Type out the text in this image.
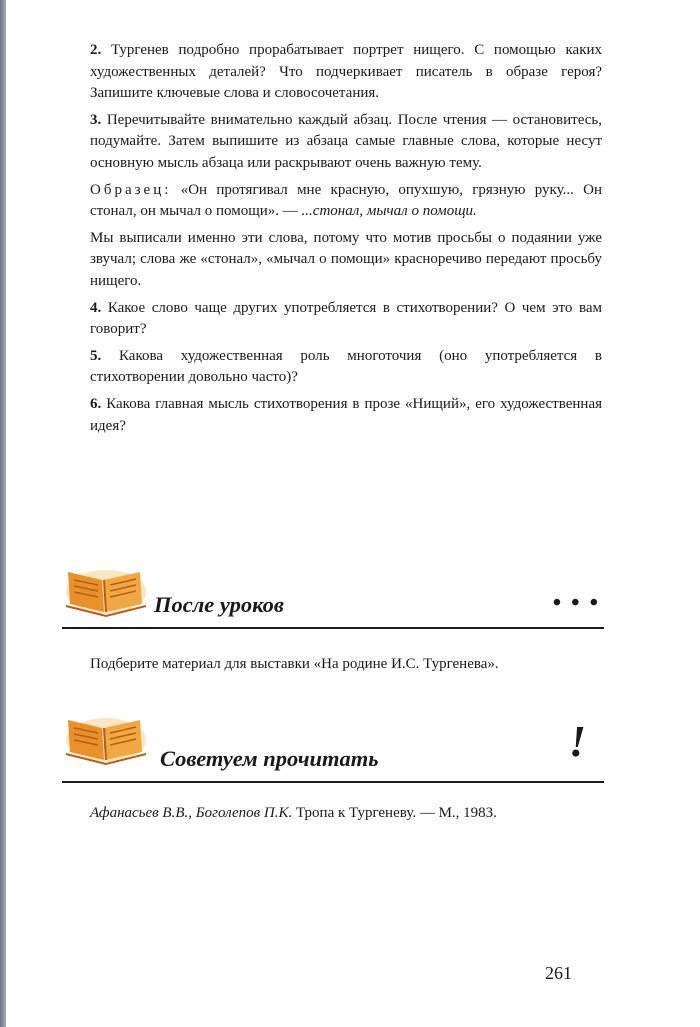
2. Тургенев подробно прорабатывает портрет нищего. С помощью каких художественных деталей? Что подчеркивает писатель в образе героя? Запишите ключевые слова и словосочетания.

3. Перечитывайте внимательно каждый абзац. После чтения — остановитесь, подумайте. Затем выпишите из абзаца самые главные слова, которые несут основную мысль абзаца или раскрывают очень важную тему.

Образец: «Он протягивал мне красную, опухшую, грязную руку... Он стонал, он мычал о помощи». — ...стонал, мычал о помощи.

Мы выписали именно эти слова, потому что мотив просьбы о подаянии уже звучал; слова же «стонал», «мычал о помощи» красноречиво передают просьбу нищего.

4. Какое слово чаще других употребляется в стихотворении? О чем это вам говорит?

5. Какова художественная роль многоточия (оно употребляется в стихотворении довольно часто)?

6. Какова главная мысль стихотворения в прозе «Нищий», его художественная идея?

После уроков	• • •
Подберите материал для выставки «На родине И.С. Тургенева».
Советуем прочитать	!
Афанасьев В.В., Боголепов П.К. Тропа к Тургеневу. — М., 1983.
261
